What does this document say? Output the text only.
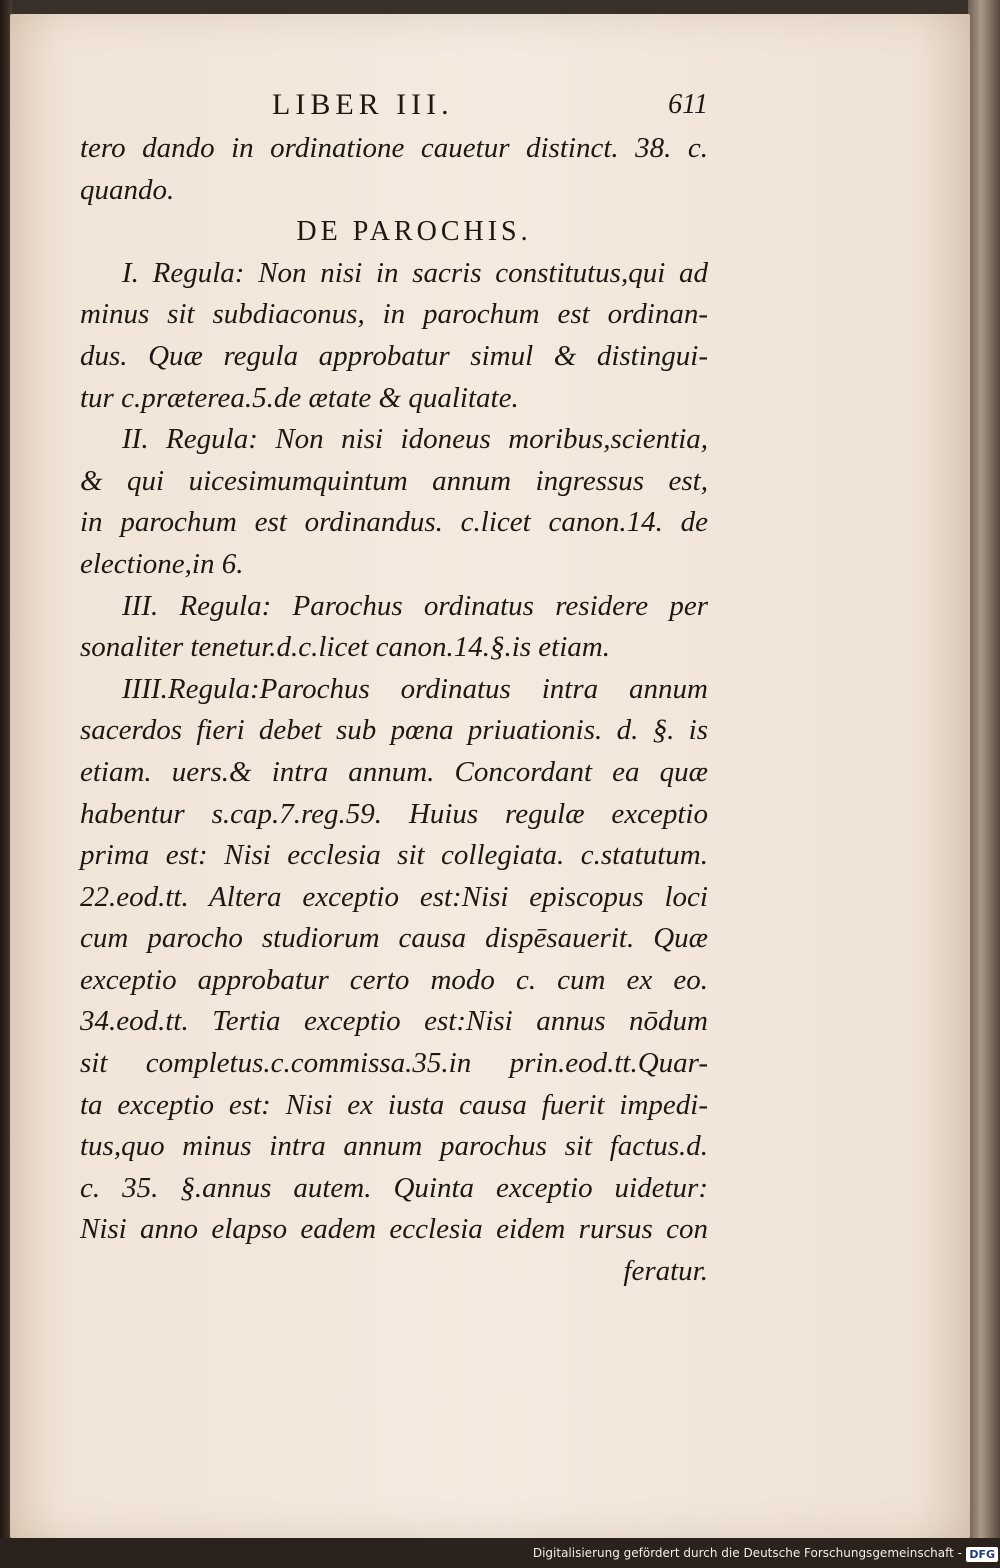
LIBER III.	611
tero dando in ordinatione cauetur distinct. 38. c.
quando.
DE PAROCHIS.
I. Regula: Non nisi in sacris constitutus,qui ad
minus sit subdiaconus, in parochum est ordinan-
dus. Quæ regula approbatur simul & distingui-
tur c.præterea.5.de ætate & qualitate.
II. Regula: Non nisi idoneus moribus,scientia,
& qui uicesimumquintum annum ingressus est,
in parochum est ordinandus. c.licet canon.14. de
electione,in 6.
III. Regula: Parochus ordinatus residere per
sonaliter tenetur.d.c.licet canon.14.§.is etiam.
IIII.Regula:Parochus ordinatus intra annum
sacerdos fieri debet sub pœna priuationis. d. §. is
etiam. uers.& intra annum. Concordant ea quæ
habentur s.cap.7.reg.59. Huius regulæ exceptio
prima est: Nisi ecclesia sit collegiata. c.statutum.
22.eod.tt. Altera exceptio est:Nisi episcopus loci
cum parocho studiorum causa dispēsauerit. Quæ
exceptio approbatur certo modo c. cum ex eo.
34.eod.tt. Tertia exceptio est:Nisi annus nōdum
sit completus.c.commissa.35.in prin.eod.tt.Quar-
ta exceptio est: Nisi ex iusta causa fuerit impedi-
tus,quo minus intra annum parochus sit factus.d.
c. 35. §.annus autem. Quinta exceptio uidetur:
Nisi anno elapso eadem ecclesia eidem rursus con
feratur.
Digitalisierung gefördert durch die Deutsche Forschungsgemeinschaft - DFG
